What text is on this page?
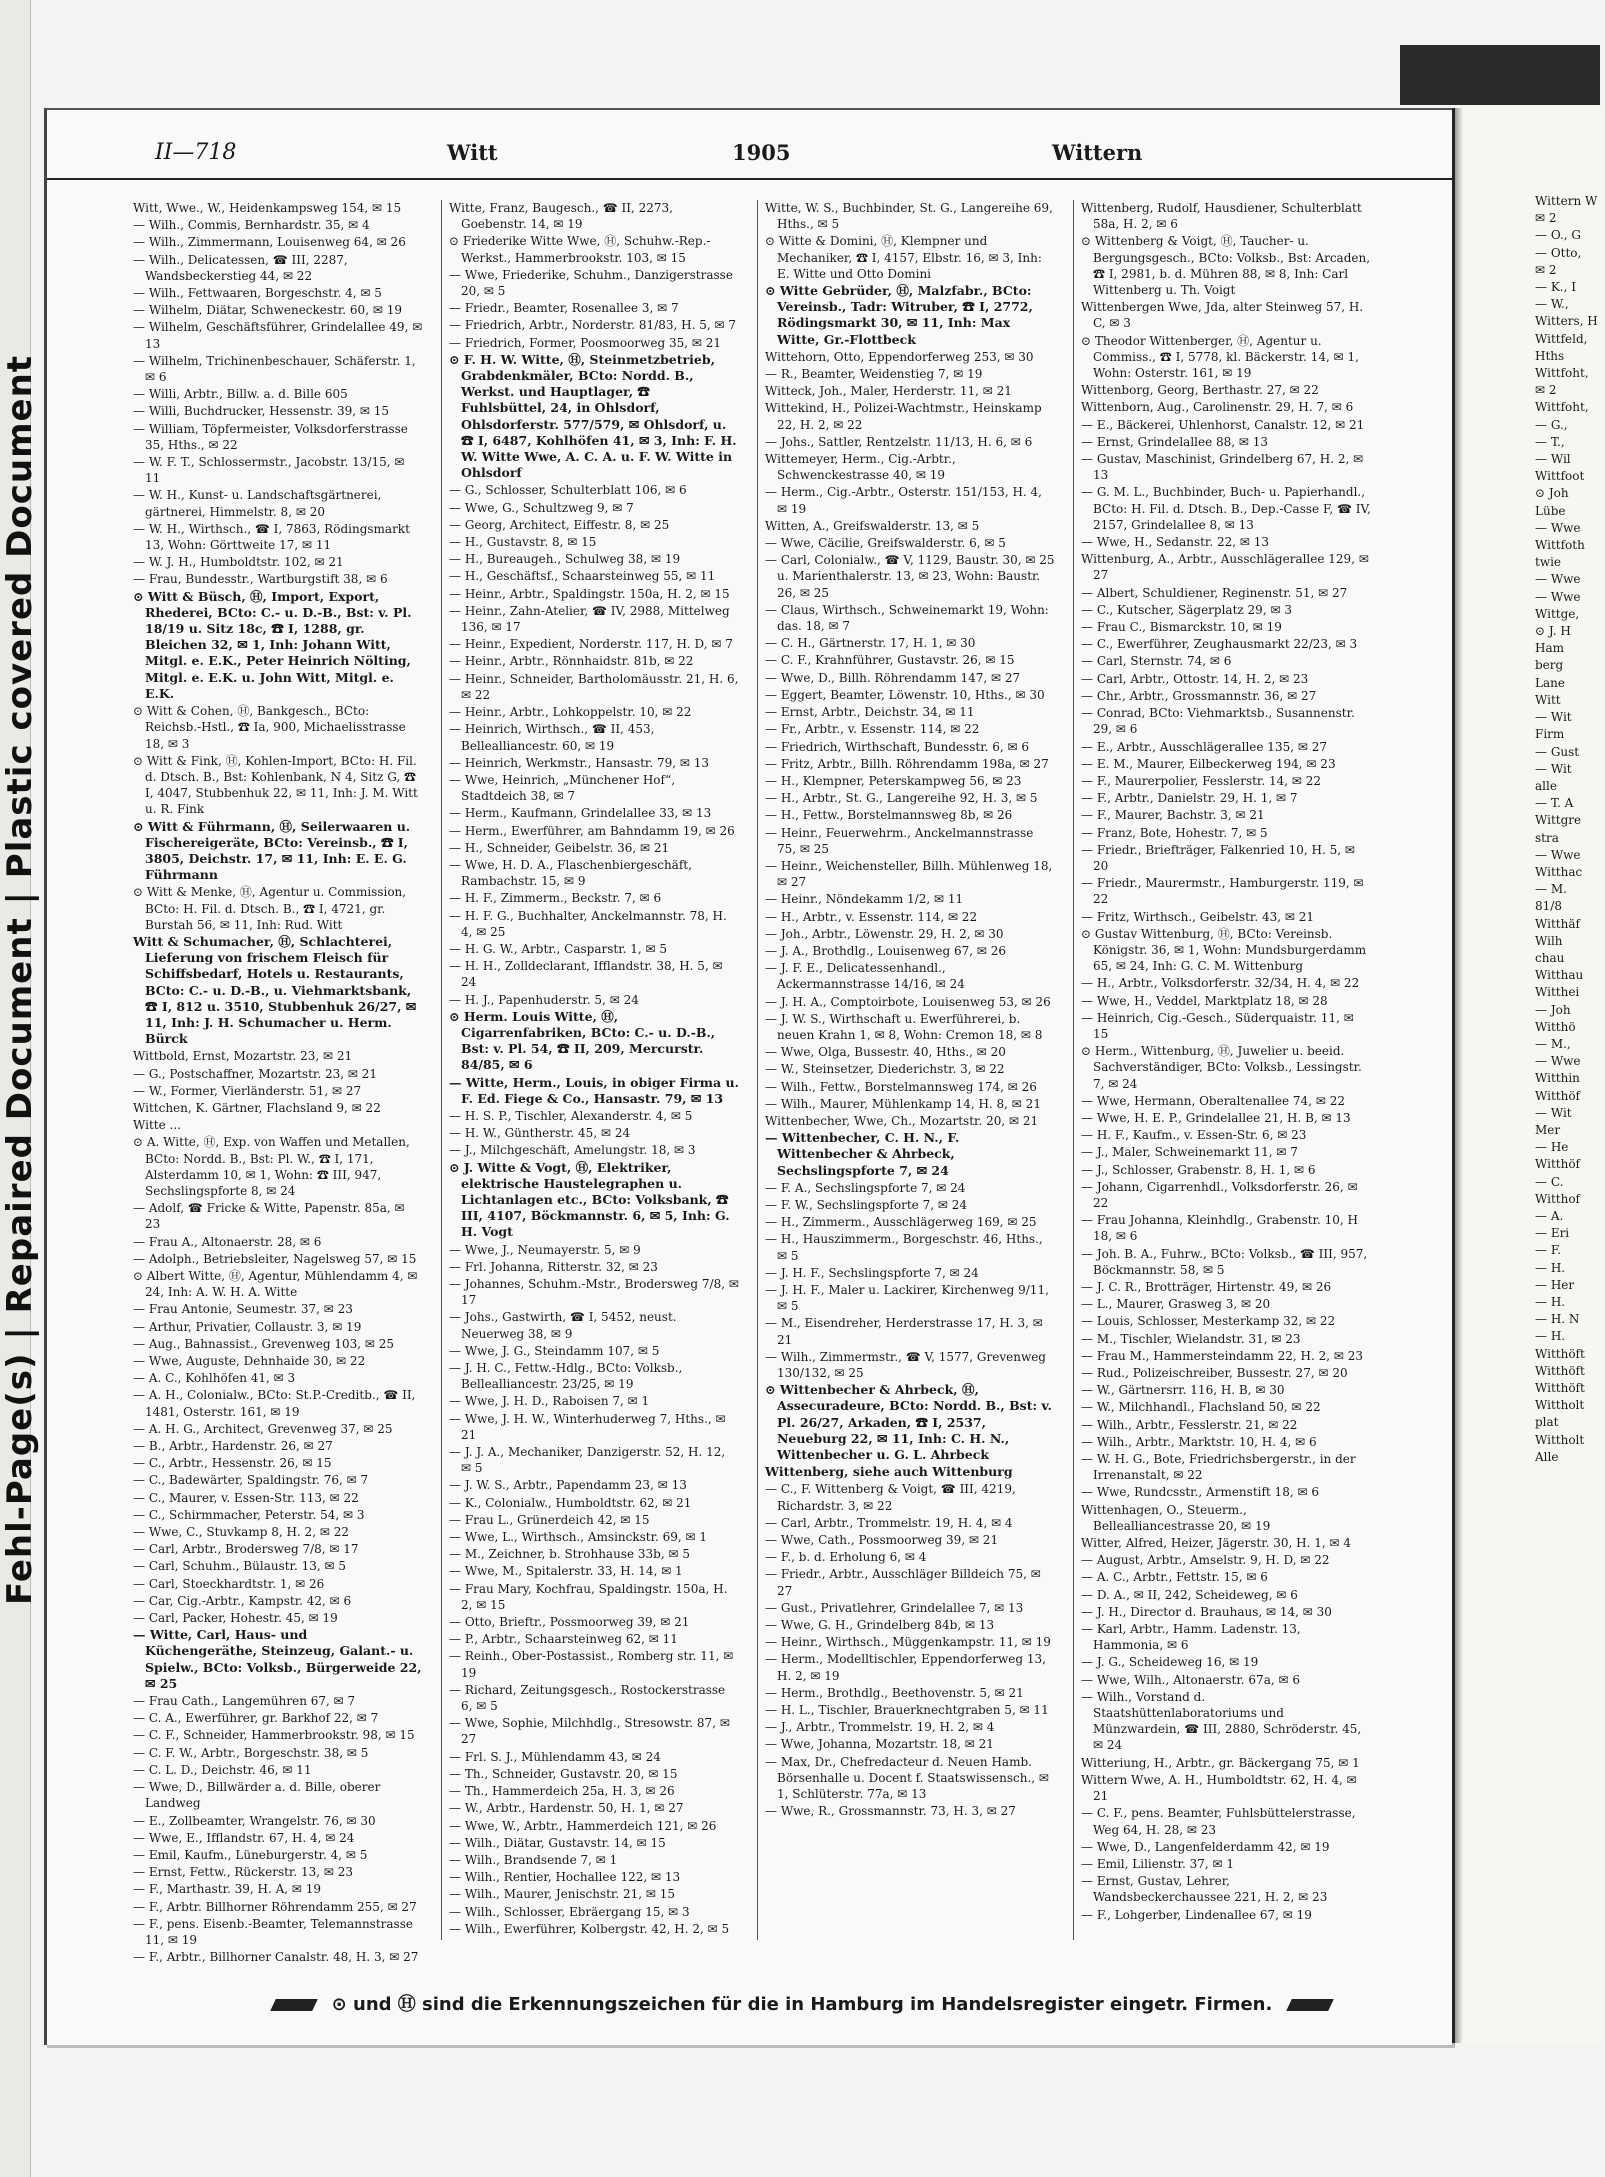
Fehl-Page(s) | Repaired Document | Plastic covered Document
II—718	Witt	1905	Wittern
Witt, Wwe., W., Heidenkampsweg 154, ✉ 15
— Wilh., Commis, Bernhardstr. 35, ✉ 4
— Wilh., Zimmermann, Louisenweg 64, ✉ 26
— Wilh., Delicatessen, ☎ III, 2287, Wandsbeckerstieg 44, ✉ 22
— Wilh., Fettwaaren, Borgeschstr. 4, ✉ 5
— Wilhelm, Diätar, Schweneckestr. 60, ✉ 19
— Wilhelm, Geschäftsführer, Grindelallee 49, ✉ 13
— Wilhelm, Trichinenbeschauer, Schäferstr. 1, ✉ 6
— Willi, Arbtr., Billw. a. d. Bille 605
— Willi, Buchdrucker, Hessenstr. 39, ✉ 15
— William, Töpfermeister, Volksdorferstrasse 35, Hths., ✉ 22
— W. F. T., Schlossermstr., Jacobstr. 13/15, ✉ 11
— W. H., Kunst- u. Landschaftsgärtnerei, gärtnerei, Himmelstr. 8, ✉ 20
— W. H., Wirthsch., ☎ I, 7863, Rödingsmarkt 13, Wohn: Görttweite 17, ✉ 11
— W. J. H., Humboldtstr. 102, ✉ 21
— Frau, Bundesstr., Wartburgstift 38, ✉ 6
⊙ Witt & Büsch, Ⓗ, Import, Export, Rhederei, BCto: C.- u. D.-B., Bst: v. Pl. 18/19 u. Sitz 18c, ☎ I, 1288, gr. Bleichen 32, ✉ 1, Inh: Johann Witt, Mitgl. e. E.K., Peter Heinrich Nölting, Mitgl. e. E.K. u. John Witt, Mitgl. e. E.K.
⊙ Witt & Cohen, Ⓗ, Bankgesch., BCto: Reichsb.-Hstl., ☎ Ia, 900, Michaelisstrasse 18, ✉ 3
⊙ Witt & Fink, Ⓗ, Kohlen-Import, BCto: H. Fil. d. Dtsch. B., Bst: Kohlenbank, N 4, Sitz G, ☎ I, 4047, Stubbenhuk 22, ✉ 11, Inh: J. M. Witt u. R. Fink
⊙ Witt & Führmann, Ⓗ, Seilerwaaren u. Fischereigeräte, BCto: Vereinsb., ☎ I, 3805, Deichstr. 17, ✉ 11, Inh: E. E. G. Führmann
⊙ Witt & Menke, Ⓗ, Agentur u. Commission, BCto: H. Fil. d. Dtsch. B., ☎ I, 4721, gr. Burstah 56, ✉ 11, Inh: Rud. Witt
Witt & Schumacher, Ⓗ, Schlachterei, Lieferung von frischem Fleisch für Schiffsbedarf, Hotels u. Restaurants, BCto: C.- u. D.-B., u. Viehmarktsbank, ☎ I, 812 u. 3510, Stubbenhuk 26/27, ✉ 11, Inh: J. H. Schumacher u. Herm. Bürck
Wittbold, Ernst, Mozartstr. 23, ✉ 21
— G., Postschaffner, Mozartstr. 23, ✉ 21
— W., Former, Vierländerstr. 51, ✉ 27
Wittchen, K. Gärtner, Flachsland 9, ✉ 22
Witte ...
⊙ A. Witte, Ⓗ, Exp. von Waffen und Metallen, BCto: Nordd. B., Bst: Pl. W., ☎ I, 171, Alsterdamm 10, ✉ 1, Wohn: ☎ III, 947, Sechslingspforte 8, ✉ 24
— Adolf, ☎ Fricke & Witte, Papenstr. 85a, ✉ 23
— Frau A., Altonaerstr. 28, ✉ 6
— Adolph., Betriebsleiter, Nagelsweg 57, ✉ 15
⊙ Albert Witte, Ⓗ, Agentur, Mühlendamm 4, ✉ 24, Inh: A. W. H. A. Witte
— Frau Antonie, Seumestr. 37, ✉ 23
— Arthur, Privatier, Collaustr. 3, ✉ 19
— Aug., Bahnassist., Grevenweg 103, ✉ 25
— Wwe, Auguste, Dehnhaide 30, ✉ 22
— A. C., Kohlhöfen 41, ✉ 3
— A. H., Colonialw., BCto: St.P.-Creditb., ☎ II, 1481, Osterstr. 161, ✉ 19
— A. H. G., Architect, Grevenweg 37, ✉ 25
— B., Arbtr., Hardenstr. 26, ✉ 27
— C., Arbtr., Hessenstr. 26, ✉ 15
— C., Badewärter, Spaldingstr. 76, ✉ 7
— C., Maurer, v. Essen-Str. 113, ✉ 22
— C., Schirmmacher, Peterstr. 54, ✉ 3
— Wwe, C., Stuvkamp 8, H. 2, ✉ 22
— Carl, Arbtr., Brodersweg 7/8, ✉ 17
— Carl, Schuhm., Bülaustr. 13, ✉ 5
— Carl, Stoeckhardtstr. 1, ✉ 26
— Car, Cig.-Arbtr., Kampstr. 42, ✉ 6
— Carl, Packer, Hohestr. 45, ✉ 19
— Witte, Carl, Haus- und Küchengeräthe, Steinzeug, Galant.- u. Spielw., BCto: Volksb., Bürgerweide 22, ✉ 25
— Frau Cath., Langemühren 67, ✉ 7
— C. A., Ewerführer, gr. Barkhof 22, ✉ 7
— C. F., Schneider, Hammerbrookstr. 98, ✉ 15
— C. F. W., Arbtr., Borgeschstr. 38, ✉ 5
— C. L. D., Deichstr. 46, ✉ 11
— Wwe, D., Billwärder a. d. Bille, oberer Landweg
— E., Zollbeamter, Wrangelstr. 76, ✉ 30
— Wwe, E., Ifflandstr. 67, H. 4, ✉ 24
— Emil, Kaufm., Lüneburgerstr. 4, ✉ 5
— Ernst, Fettw., Rückerstr. 13, ✉ 23
— F., Marthastr. 39, H. A, ✉ 19
— F., Arbtr. Billhorner Röhrendamm 255, ✉ 27
— F., pens. Eisenb.-Beamter, Telemannstrasse 11, ✉ 19
— F., Arbtr., Billhorner Canalstr. 48, H. 3, ✉ 27
Witte, Franz, Baugesch., ☎ II, 2273, Goebenstr. 14, ✉ 19
⊙ Friederike Witte Wwe, Ⓗ, Schuhw.-Rep.-Werkst., Hammerbrookstr. 103, ✉ 15
— Wwe, Friederike, Schuhm., Danzigerstrasse 20, ✉ 5
— Friedr., Beamter, Rosenallee 3, ✉ 7
— Friedrich, Arbtr., Norderstr. 81/83, H. 5, ✉ 7
— Friedrich, Former, Poosmoorweg 35, ✉ 21
⊙ F. H. W. Witte, Ⓗ, Steinmetzbetrieb, Grabdenkmäler, BCto: Nordd. B., Werkst. und Hauptlager, ☎ Fuhlsbüttel, 24, in Ohlsdorf, Ohlsdorferstr. 577/579, ✉ Ohlsdorf, u. ☎ I, 6487, Kohlhöfen 41, ✉ 3, Inh: F. H. W. Witte Wwe, A. C. A. u. F. W. Witte in Ohlsdorf
— G., Schlosser, Schulterblatt 106, ✉ 6
— Wwe, G., Schultzweg 9, ✉ 7
— Georg, Architect, Eiffestr. 8, ✉ 25
— H., Gustavstr. 8, ✉ 15
— H., Bureaugeh., Schulweg 38, ✉ 19
— H., Geschäftsf., Schaarsteinweg 55, ✉ 11
— Heinr., Arbtr., Spaldingstr. 150a, H. 2, ✉ 15
— Heinr., Zahn-Atelier, ☎ IV, 2988, Mittelweg 136, ✉ 17
— Heinr., Expedient, Norderstr. 117, H. D, ✉ 7
— Heinr., Arbtr., Rönnhaidstr. 81b, ✉ 22
— Heinr., Schneider, Bartholomäusstr. 21, H. 6, ✉ 22
— Heinr., Arbtr., Lohkoppelstr. 10, ✉ 22
— Heinrich, Wirthsch., ☎ II, 453, Bellealliancestr. 60, ✉ 19
— Heinrich, Werkmstr., Hansastr. 79, ✉ 13
— Wwe, Heinrich, „Münchener Hof“, Stadtdeich 38, ✉ 7
— Herm., Kaufmann, Grindelallee 33, ✉ 13
— Herm., Ewerführer, am Bahndamm 19, ✉ 26
— H., Schneider, Geibelstr. 36, ✉ 21
— Wwe, H. D. A., Flaschenbiergeschäft, Rambachstr. 15, ✉ 9
— H. F., Zimmerm., Beckstr. 7, ✉ 6
— H. F. G., Buchhalter, Anckelmannstr. 78, H. 4, ✉ 25
— H. G. W., Arbtr., Casparstr. 1, ✉ 5
— H. H., Zolldeclarant, Ifflandstr. 38, H. 5, ✉ 24
— H. J., Papenhuderstr. 5, ✉ 24
⊙ Herm. Louis Witte, Ⓗ, Cigarrenfabriken, BCto: C.- u. D.-B., Bst: v. Pl. 54, ☎ II, 209, Mercurstr. 84/85, ✉ 6
— Witte, Herm., Louis, in obiger Firma u. F. Ed. Fiege & Co., Hansastr. 79, ✉ 13
— H. S. P., Tischler, Alexanderstr. 4, ✉ 5
— H. W., Güntherstr. 45, ✉ 24
— J., Milchgeschäft, Amelungstr. 18, ✉ 3
⊙ J. Witte & Vogt, Ⓗ, Elektriker, elektrische Haustelegraphen u. Lichtanlagen etc., BCto: Volksbank, ☎ III, 4107, Böckmannstr. 6, ✉ 5, Inh: G. H. Vogt
— Wwe, J., Neumayerstr. 5, ✉ 9
— Frl. Johanna, Ritterstr. 32, ✉ 23
— Johannes, Schuhm.-Mstr., Brodersweg 7/8, ✉ 17
— Johs., Gastwirth, ☎ I, 5452, neust. Neuerweg 38, ✉ 9
— Wwe, J. G., Steindamm 107, ✉ 5
— J. H. C., Fettw.-Hdlg., BCto: Volksb., Bellealliancestr. 23/25, ✉ 19
— Wwe, J. H. D., Raboisen 7, ✉ 1
— Wwe, J. H. W., Winterhuderweg 7, Hths., ✉ 21
— J. J. A., Mechaniker, Danzigerstr. 52, H. 12, ✉ 5
— J. W. S., Arbtr., Papendamm 23, ✉ 13
— K., Colonialw., Humboldtstr. 62, ✉ 21
— Frau L., Grünerdeich 42, ✉ 15
— Wwe, L., Wirthsch., Amsinckstr. 69, ✉ 1
— M., Zeichner, b. Strohhause 33b, ✉ 5
— Wwe, M., Spitalerstr. 33, H. 14, ✉ 1
— Frau Mary, Kochfrau, Spaldingstr. 150a, H. 2, ✉ 15
— Otto, Brieftr., Possmoorweg 39, ✉ 21
— P., Arbtr., Schaarsteinweg 62, ✉ 11
— Reinh., Ober-Postassist., Romberg str. 11, ✉ 19
— Richard, Zeitungsgesch., Rostockerstrasse 6, ✉ 5
— Wwe, Sophie, Milchhdlg., Stresowstr. 87, ✉ 27
— Frl. S. J., Mühlendamm 43, ✉ 24
— Th., Schneider, Gustavstr. 20, ✉ 15
— Th., Hammerdeich 25a, H. 3, ✉ 26
— W., Arbtr., Hardenstr. 50, H. 1, ✉ 27
— Wwe, W., Arbtr., Hammerdeich 121, ✉ 26
— Wilh., Diätar, Gustavstr. 14, ✉ 15
— Wilh., Brandsende 7, ✉ 1
— Wilh., Rentier, Hochallee 122, ✉ 13
— Wilh., Maurer, Jenischstr. 21, ✉ 15
— Wilh., Schlosser, Ebräergang 15, ✉ 3
— Wilh., Ewerführer, Kolbergstr. 42, H. 2, ✉ 5
Witte, W. S., Buchbinder, St. G., Langereihe 69, Hths., ✉ 5
⊙ Witte & Domini, Ⓗ, Klempner und Mechaniker, ☎ I, 4157, Elbstr. 16, ✉ 3, Inh: E. Witte und Otto Domini
⊙ Witte Gebrüder, Ⓗ, Malzfabr., BCto: Vereinsb., Tadr: Witruber, ☎ I, 2772, Rödingsmarkt 30, ✉ 11, Inh: Max Witte, Gr.-Flottbeck
Wittehorn, Otto, Eppendorferweg 253, ✉ 30
— R., Beamter, Weidenstieg 7, ✉ 19
Witteck, Joh., Maler, Herderstr. 11, ✉ 21
Wittekind, H., Polizei-Wachtmstr., Heinskamp 22, H. 2, ✉ 22
— Johs., Sattler, Rentzelstr. 11/13, H. 6, ✉ 6
Wittemeyer, Herm., Cig.-Arbtr., Schwenckestrasse 40, ✉ 19
— Herm., Cig.-Arbtr., Osterstr. 151/153, H. 4, ✉ 19
Witten, A., Greifswalderstr. 13, ✉ 5
— Wwe, Cäcilie, Greifswalderstr. 6, ✉ 5
— Carl, Colonialw., ☎ V, 1129, Baustr. 30, ✉ 25 u. Marienthalerstr. 13, ✉ 23, Wohn: Baustr. 26, ✉ 25
— Claus, Wirthsch., Schweinemarkt 19, Wohn: das. 18, ✉ 7
— C. H., Gärtnerstr. 17, H. 1, ✉ 30
— C. F., Krahnführer, Gustavstr. 26, ✉ 15
— Wwe, D., Billh. Röhrendamm 147, ✉ 27
— Eggert, Beamter, Löwenstr. 10, Hths., ✉ 30
— Ernst, Arbtr., Deichstr. 34, ✉ 11
— Fr., Arbtr., v. Essenstr. 114, ✉ 22
— Friedrich, Wirthschaft, Bundesstr. 6, ✉ 6
— Fritz, Arbtr., Billh. Röhrendamm 198a, ✉ 27
— H., Klempner, Peterskampweg 56, ✉ 23
— H., Arbtr., St. G., Langereihe 92, H. 3, ✉ 5
— H., Fettw., Borstelmannsweg 8b, ✉ 26
— Heinr., Feuerwehrm., Anckelmannstrasse 75, ✉ 25
— Heinr., Weichensteller, Billh. Mühlenweg 18, ✉ 27
— Heinr., Nöndekamm 1/2, ✉ 11
— H., Arbtr., v. Essenstr. 114, ✉ 22
— Joh., Arbtr., Löwenstr. 29, H. 2, ✉ 30
— J. A., Brothdlg., Louisenweg 67, ✉ 26
— J. F. E., Delicatessenhandl., Ackermannstrasse 14/16, ✉ 24
— J. H. A., Comptoirbote, Louisenweg 53, ✉ 26
— J. W. S., Wirthschaft u. Ewerführerei, b. neuen Krahn 1, ✉ 8, Wohn: Cremon 18, ✉ 8
— Wwe, Olga, Bussestr. 40, Hths., ✉ 20
— W., Steinsetzer, Diederichstr. 3, ✉ 22
— Wilh., Fettw., Borstelmannsweg 174, ✉ 26
— Wilh., Maurer, Mühlenkamp 14, H. 8, ✉ 21
Wittenbecher, Wwe, Ch., Mozartstr. 20, ✉ 21
— Wittenbecher, C. H. N., F. Wittenbecher & Ahrbeck, Sechslingspforte 7, ✉ 24
— F. A., Sechslingspforte 7, ✉ 24
— F. W., Sechslingspforte 7, ✉ 24
— H., Zimmerm., Ausschlägerweg 169, ✉ 25
— H., Hauszimmerm., Borgeschstr. 46, Hths., ✉ 5
— J. H. F., Sechslingspforte 7, ✉ 24
— J. H. F., Maler u. Lackirer, Kirchenweg 9/11, ✉ 5
— M., Eisendreher, Herderstrasse 17, H. 3, ✉ 21
— Wilh., Zimmermstr., ☎ V, 1577, Grevenweg 130/132, ✉ 25
⊙ Wittenbecher & Ahrbeck, Ⓗ, Assecuradeure, BCto: Nordd. B., Bst: v. Pl. 26/27, Arkaden, ☎ I, 2537, Neueburg 22, ✉ 11, Inh: C. H. N., Wittenbecher u. G. L. Ahrbeck
Wittenberg, siehe auch Wittenburg
— C., F. Wittenberg & Voigt, ☎ III, 4219, Richardstr. 3, ✉ 22
— Carl, Arbtr., Trommelstr. 19, H. 4, ✉ 4
— Wwe, Cath., Possmoorweg 39, ✉ 21
— F., b. d. Erholung 6, ✉ 4
— Friedr., Arbtr., Ausschläger Billdeich 75, ✉ 27
— Gust., Privatlehrer, Grindelallee 7, ✉ 13
— Wwe, G. H., Grindelberg 84b, ✉ 13
— Heinr., Wirthsch., Müggenkampstr. 11, ✉ 19
— Herm., Modelltischler, Eppendorferweg 13, H. 2, ✉ 19
— Herm., Brothdlg., Beethovenstr. 5, ✉ 21
— H. L., Tischler, Brauerknechtgraben 5, ✉ 11
— J., Arbtr., Trommelstr. 19, H. 2, ✉ 4
— Wwe, Johanna, Mozartstr. 18, ✉ 21
— Max, Dr., Chefredacteur d. Neuen Hamb. Börsenhalle u. Docent f. Staatswissensch., ✉ 1, Schlüterstr. 77a, ✉ 13
— Wwe, R., Grossmannstr. 73, H. 3, ✉ 27
Wittenberg, Rudolf, Hausdiener, Schulterblatt 58a, H. 2, ✉ 6
⊙ Wittenberg & Voigt, Ⓗ, Taucher- u. Bergungsgesch., BCto: Volksb., Bst: Arcaden, ☎ I, 2981, b. d. Mühren 88, ✉ 8, Inh: Carl Wittenberg u. Th. Voigt
Wittenbergen Wwe, Jda, alter Steinweg 57, H. C, ✉ 3
⊙ Theodor Wittenberger, Ⓗ, Agentur u. Commiss., ☎ I, 5778, kl. Bäckerstr. 14, ✉ 1, Wohn: Osterstr. 161, ✉ 19
Wittenborg, Georg, Berthastr. 27, ✉ 22
Wittenborn, Aug., Carolinenstr. 29, H. 7, ✉ 6
— E., Bäckerei, Uhlenhorst, Canalstr. 12, ✉ 21
— Ernst, Grindelallee 88, ✉ 13
— Gustav, Maschinist, Grindelberg 67, H. 2, ✉ 13
— G. M. L., Buchbinder, Buch- u. Papierhandl., BCto: H. Fil. d. Dtsch. B., Dep.-Casse F, ☎ IV, 2157, Grindelallee 8, ✉ 13
— Wwe, H., Sedanstr. 22, ✉ 13
Wittenburg, A., Arbtr., Ausschlägerallee 129, ✉ 27
— Albert, Schuldiener, Reginenstr. 51, ✉ 27
— C., Kutscher, Sägerplatz 29, ✉ 3
— Frau C., Bismarckstr. 10, ✉ 19
— C., Ewerführer, Zeughausmarkt 22/23, ✉ 3
— Carl, Sternstr. 74, ✉ 6
— Carl, Arbtr., Ottostr. 14, H. 2, ✉ 23
— Chr., Arbtr., Grossmannstr. 36, ✉ 27
— Conrad, BCto: Viehmarktsb., Susannenstr. 29, ✉ 6
— E., Arbtr., Ausschlägerallee 135, ✉ 27
— E. M., Maurer, Eilbeckerweg 194, ✉ 23
— F., Maurerpolier, Fesslerstr. 14, ✉ 22
— F., Arbtr., Danielstr. 29, H. 1, ✉ 7
— F., Maurer, Bachstr. 3, ✉ 21
— Franz, Bote, Hohestr. 7, ✉ 5
— Friedr., Briefträger, Falkenried 10, H. 5, ✉ 20
— Friedr., Maurermstr., Hamburgerstr. 119, ✉ 22
— Fritz, Wirthsch., Geibelstr. 43, ✉ 21
⊙ Gustav Wittenburg, Ⓗ, BCto: Vereinsb. Königstr. 36, ✉ 1, Wohn: Mundsburgerdamm 65, ✉ 24, Inh: G. C. M. Wittenburg
— H., Arbtr., Volksdorferstr. 32/34, H. 4, ✉ 22
— Wwe, H., Veddel, Marktplatz 18, ✉ 28
— Heinrich, Cig.-Gesch., Süderquaistr. 11, ✉ 15
⊙ Herm., Wittenburg, Ⓗ, Juwelier u. beeid. Sachverständiger, BCto: Volksb., Lessingstr. 7, ✉ 24
— Wwe, Hermann, Oberaltenallee 74, ✉ 22
— Wwe, H. E. P., Grindelallee 21, H. B, ✉ 13
— H. F., Kaufm., v. Essen-Str. 6, ✉ 23
— J., Maler, Schweinemarkt 11, ✉ 7
— J., Schlosser, Grabenstr. 8, H. 1, ✉ 6
— Johann, Cigarrenhdl., Volksdorferstr. 26, ✉ 22
— Frau Johanna, Kleinhdlg., Grabenstr. 10, H 18, ✉ 6
— Joh. B. A., Fuhrw., BCto: Volksb., ☎ III, 957, Böckmannstr. 58, ✉ 5
— J. C. R., Brotträger, Hirtenstr. 49, ✉ 26
— L., Maurer, Grasweg 3, ✉ 20
— Louis, Schlosser, Mesterkamp 32, ✉ 22
— M., Tischler, Wielandstr. 31, ✉ 23
— Frau M., Hammersteindamm 22, H. 2, ✉ 23
— Rud., Polizeischreiber, Bussestr. 27, ✉ 20
— W., Gärtnersrr. 116, H. B, ✉ 30
— W., Milchhandl., Flachsland 50, ✉ 22
— Wilh., Arbtr., Fesslerstr. 21, ✉ 22
— Wilh., Arbtr., Marktstr. 10, H. 4, ✉ 6
— W. H. G., Bote, Friedrichsbergerstr., in der Irrenanstalt, ✉ 22
— Wwe, Rundcsstr., Armenstift 18, ✉ 6
Wittenhagen, O., Steuerm., Bellealliancestrasse 20, ✉ 19
Witter, Alfred, Heizer, Jägerstr. 30, H. 1, ✉ 4
— August, Arbtr., Amselstr. 9, H. D, ✉ 22
— A. C., Arbtr., Fettstr. 15, ✉ 6
— D. A., ✉ II, 242, Scheideweg, ✉ 6
— J. H., Director d. Brauhaus, ✉ 14, ✉ 30
— Karl, Arbtr., Hamm. Ladenstr. 13, Hammonia, ✉ 6
— J. G., Scheideweg 16, ✉ 19
— Wwe, Wilh., Altonaerstr. 67a, ✉ 6
— Wilh., Vorstand d. Staatshüttenlaboratoriums und Münzwardein, ☎ III, 2880, Schröderstr. 45, ✉ 24
Witteriung, H., Arbtr., gr. Bäckergang 75, ✉ 1
Wittern Wwe, A. H., Humboldtstr. 62, H. 4, ✉ 21
— C. F., pens. Beamter, Fuhlsbüttelerstrasse, Weg 64, H. 28, ✉ 23
— Wwe, D., Langenfelderdamm 42, ✉ 19
— Emil, Lilienstr. 37, ✉ 1
— Ernst, Gustav, Lehrer, Wandsbeckerchaussee 221, H. 2, ✉ 23
— F., Lohgerber, Lindenallee 67, ✉ 19
⊙ und Ⓗ sind die Erkennungszeichen für die in Hamburg im Handelsregister eingetr. Firmen.
Wittern W
✉ 2
— O., G
— Otto,
✉ 2
— K., I
— W.,
Witters, H
Wittfeld,
Hths
Wittfoht,
✉ 2
Wittfoht,
— G.,
— T.,
— Wil
Wittfoot
⊙ Joh
Lübe
— Wwe
Wittfoth
twie
— Wwe
— Wwe
Wittge,
⊙ J. H
Ham
berg
Lane
Witt
— Wit
Firm
— Gust
— Wit
alle
— T. A
Wittgre
stra
— Wwe
Witthac
— M.
81/8
Witthäf
Wilh
chau
Witthau
Witthei
— Joh
Witthö
— M.,
— Wwe
Witthin
Witthöf
— Wit
Mer
— He
Witthöf
— C.
Witthof
— A.
— Eri
— F.
— H.
— Her
— H.
— H. N
— H.
Witthöft
Witthöft
Witthöft
Wittholt
plat
Wittholt
Alle
